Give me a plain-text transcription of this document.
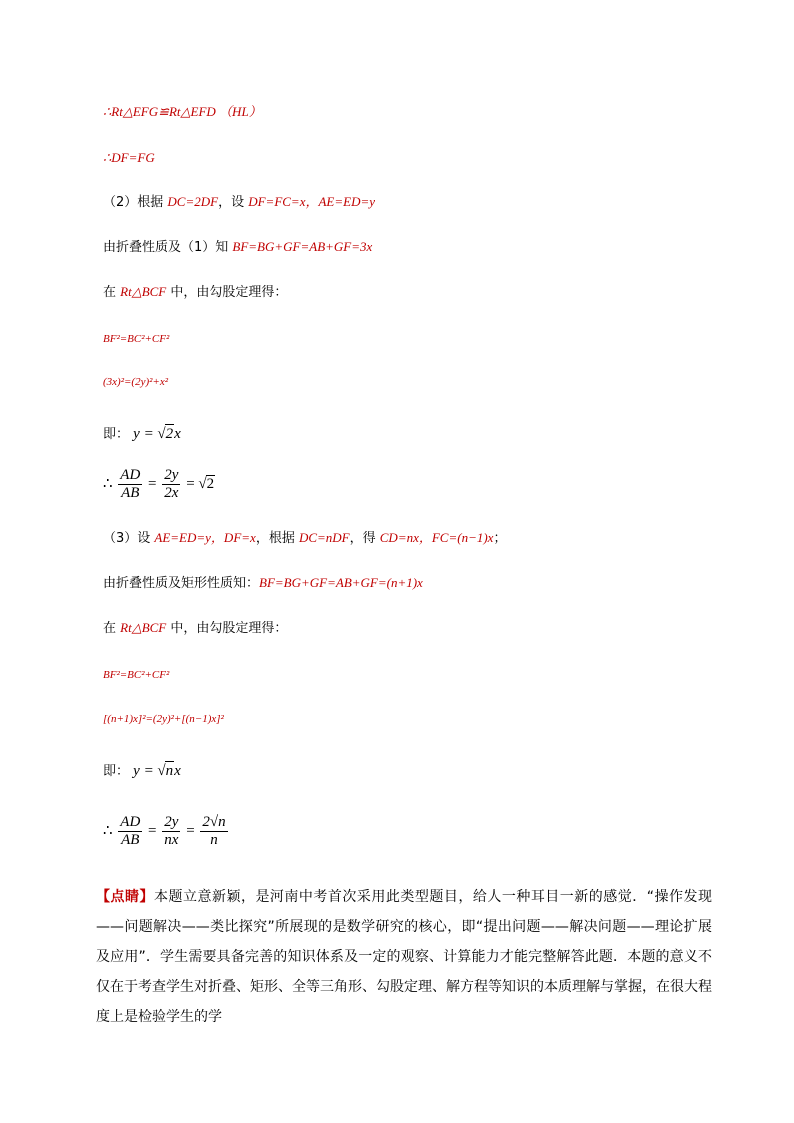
∴Rt△EFG≌Rt△EFD （HL）
∴DF=FG
（2）根据 DC=2DF，设 DF=FC=x，AE=ED=y
由折叠性质及（1）知 BF=BG+GF=AB+GF=3x
在 Rt△BCF 中，由勾股定理得：
BF²=BC²+CF²
(3x)²=(2y)²+x²
即： y = √2x
∴ $\frac{AD}{AB} = \frac{2y}{2x} = √2$
（3）设 AE=ED=y，DF=x，根据 DC=nDF，得 CD=nx，FC=(n−1)x；
由折叠性质及矩形性质知：BF=BG+GF=AB+GF=(n+1)x
在 Rt△BCF 中，由勾股定理得：
BF²=BC²+CF²
[(n+1)x]²=(2y)²+[(n−1)x]²
即： y = √nx
∴ $\frac{AD}{AB} = \frac{2y}{nx} = \frac{2√n}{n}$
【点睛】本题立意新颖，是河南中考首次采用此类型题目，给人一种耳目一新的感觉．“操作发现——问题解决——类比探究”所展现的是数学研究的核心，即“提出问题——解决问题——理论扩展及应用”．学生需要具备完善的知识体系及一定的观察、计算能力才能完整解答此题．本题的意义不仅在于考查学生对折叠、矩形、全等三角形、勾股定理、解方程等知识的本质理解与掌握，在很大程度上是检验学生的学
